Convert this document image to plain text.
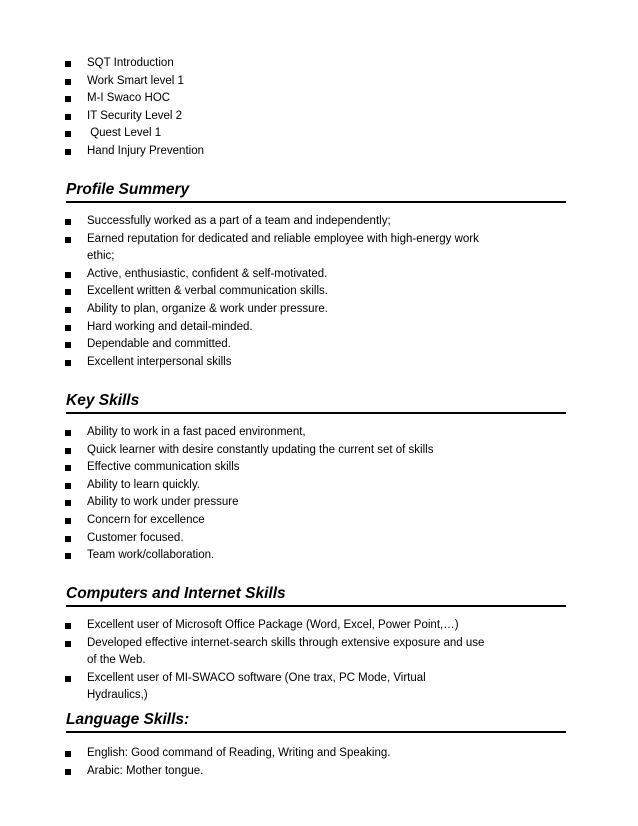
SQT Introduction
Work Smart level 1
M-I Swaco HOC
IT Security Level 2
Quest Level 1
Hand Injury Prevention
Profile Summery
Successfully worked as a part of a team and independently;
Earned reputation for dedicated and reliable employee with high-energy work ethic;
Active, enthusiastic, confident & self-motivated.
Excellent written & verbal communication skills.
Ability to plan, organize & work under pressure.
Hard working and detail-minded.
Dependable and committed.
Excellent interpersonal skills
Key Skills
Ability to work in a fast paced environment,
Quick learner with desire constantly updating the current set of skills
Effective communication skills
Ability to learn quickly.
Ability to work under pressure
Concern for excellence
Customer focused.
Team work/collaboration.
Computers and Internet Skills
Excellent user of Microsoft Office Package (Word, Excel, Power Point,…)
Developed effective internet-search skills through extensive exposure and use of the Web.
Excellent user of MI-SWACO software (One trax, PC Mode, Virtual Hydraulics,)
Language Skills:
English: Good command of Reading, Writing and Speaking.
Arabic: Mother tongue.
